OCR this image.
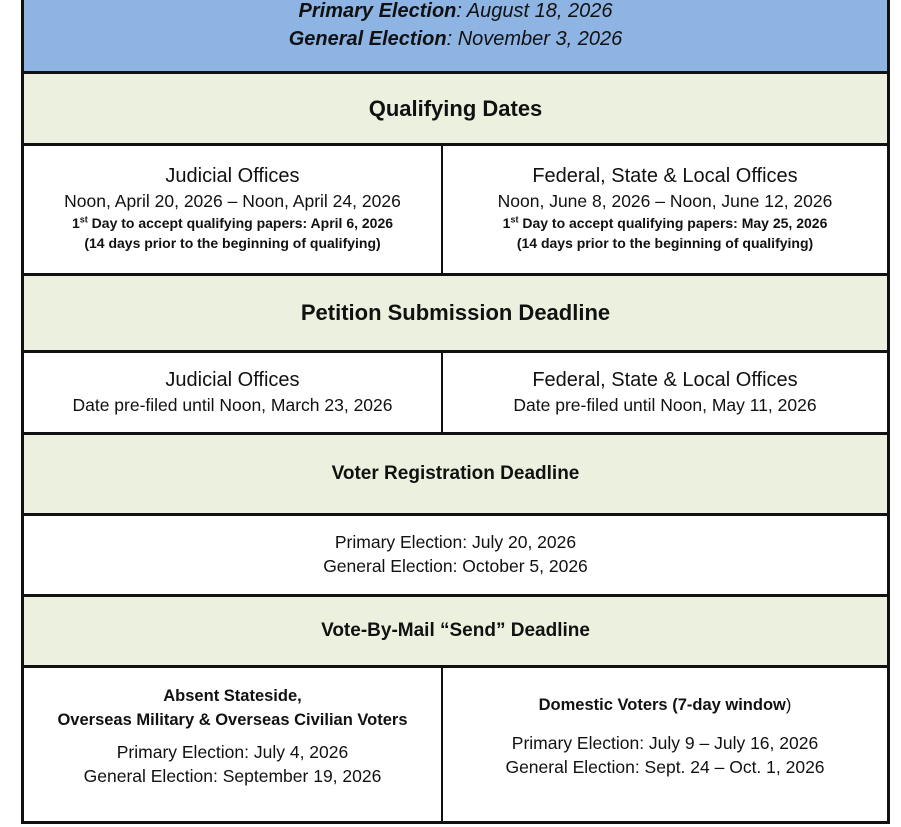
Primary Election: August 18, 2026
General Election: November 3, 2026
Qualifying Dates
Judicial Offices
Noon, April 20, 2026 – Noon, April 24, 2026
1st Day to accept qualifying papers: April 6, 2026
(14 days prior to the beginning of qualifying)
Federal, State & Local Offices
Noon, June 8, 2026 – Noon, June 12, 2026
1st Day to accept qualifying papers: May 25, 2026
(14 days prior to the beginning of qualifying)
Petition Submission Deadline
Judicial Offices
Date pre-filed until Noon, March 23, 2026
Federal, State & Local Offices
Date pre-filed until Noon, May 11, 2026
Voter Registration Deadline
Primary Election: July 20, 2026
General Election: October 5, 2026
Vote-By-Mail “Send” Deadline
Absent Stateside,
Overseas Military & Overseas Civilian Voters
Primary Election: July 4, 2026
General Election: September 19, 2026
Domestic Voters (7-day window)
Primary Election: July 9 – July 16, 2026
General Election: Sept. 24 – Oct. 1, 2026
